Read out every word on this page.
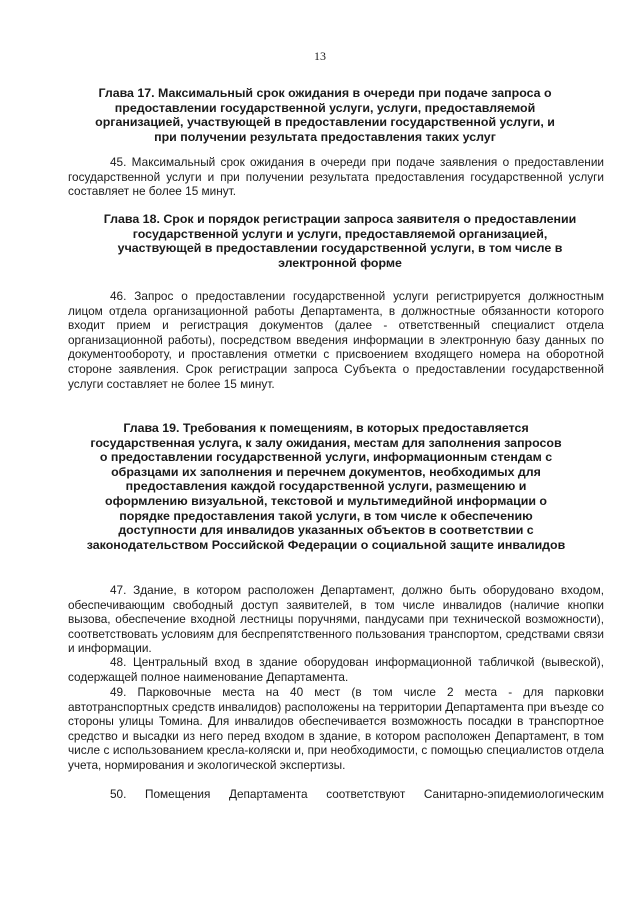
13
Глава 17. Максимальный срок ожидания в очереди при подаче запроса о предоставлении государственной услуги, услуги, предоставляемой организацией, участвующей в предоставлении государственной услуги, и при получении результата предоставления таких услуг
45. Максимальный срок ожидания в очереди при подаче заявления о предоставлении государственной услуги и при получении результата предоставления государственной услуги составляет не более 15 минут.
Глава 18. Срок и порядок регистрации запроса заявителя о предоставлении государственной услуги и услуги, предоставляемой организацией, участвующей в предоставлении государственной услуги, в том числе в электронной форме
46. Запрос о предоставлении государственной услуги регистрируется должностным лицом отдела организационной работы Департамента, в должностные обязанности которого входит прием и регистрация документов (далее - ответственный специалист отдела организационной работы), посредством введения информации в электронную базу данных по документообороту, и проставления отметки с присвоением входящего номера на оборотной стороне заявления. Срок регистрации запроса Субъекта о предоставлении государственной услуги составляет не более 15 минут.
Глава 19. Требования к помещениям, в которых предоставляется государственная услуга, к залу ожидания, местам для заполнения запросов о предоставлении государственной услуги, информационным стендам с образцами их заполнения и перечнем документов, необходимых для предоставления каждой государственной услуги, размещению и оформлению визуальной, текстовой и мультимедийной информации о порядке предоставления такой услуги, в том числе к обеспечению доступности для инвалидов указанных объектов в соответствии с законодательством Российской Федерации о социальной защите инвалидов
47. Здание, в котором расположен Департамент, должно быть оборудовано входом, обеспечивающим свободный доступ заявителей, в том числе инвалидов (наличие кнопки вызова, обеспечение входной лестницы поручнями, пандусами при технической возможности), соответствовать условиям для беспрепятственного пользования транспортом, средствами связи и информации.
48. Центральный вход в здание оборудован информационной табличкой (вывеской), содержащей полное наименование Департамента.
49. Парковочные места на 40 мест (в том числе 2 места - для парковки автотранспортных средств инвалидов) расположены на территории Департамента при въезде со стороны улицы Томина. Для инвалидов обеспечивается возможность посадки в транспортное средство и высадки из него перед входом в здание, в котором расположен Департамент, в том числе с использованием кресла-коляски и, при необходимости, с помощью специалистов отдела учета, нормирования и экологической экспертизы.
50. Помещения Департамента соответствуют Санитарно-эпидемиологическим
